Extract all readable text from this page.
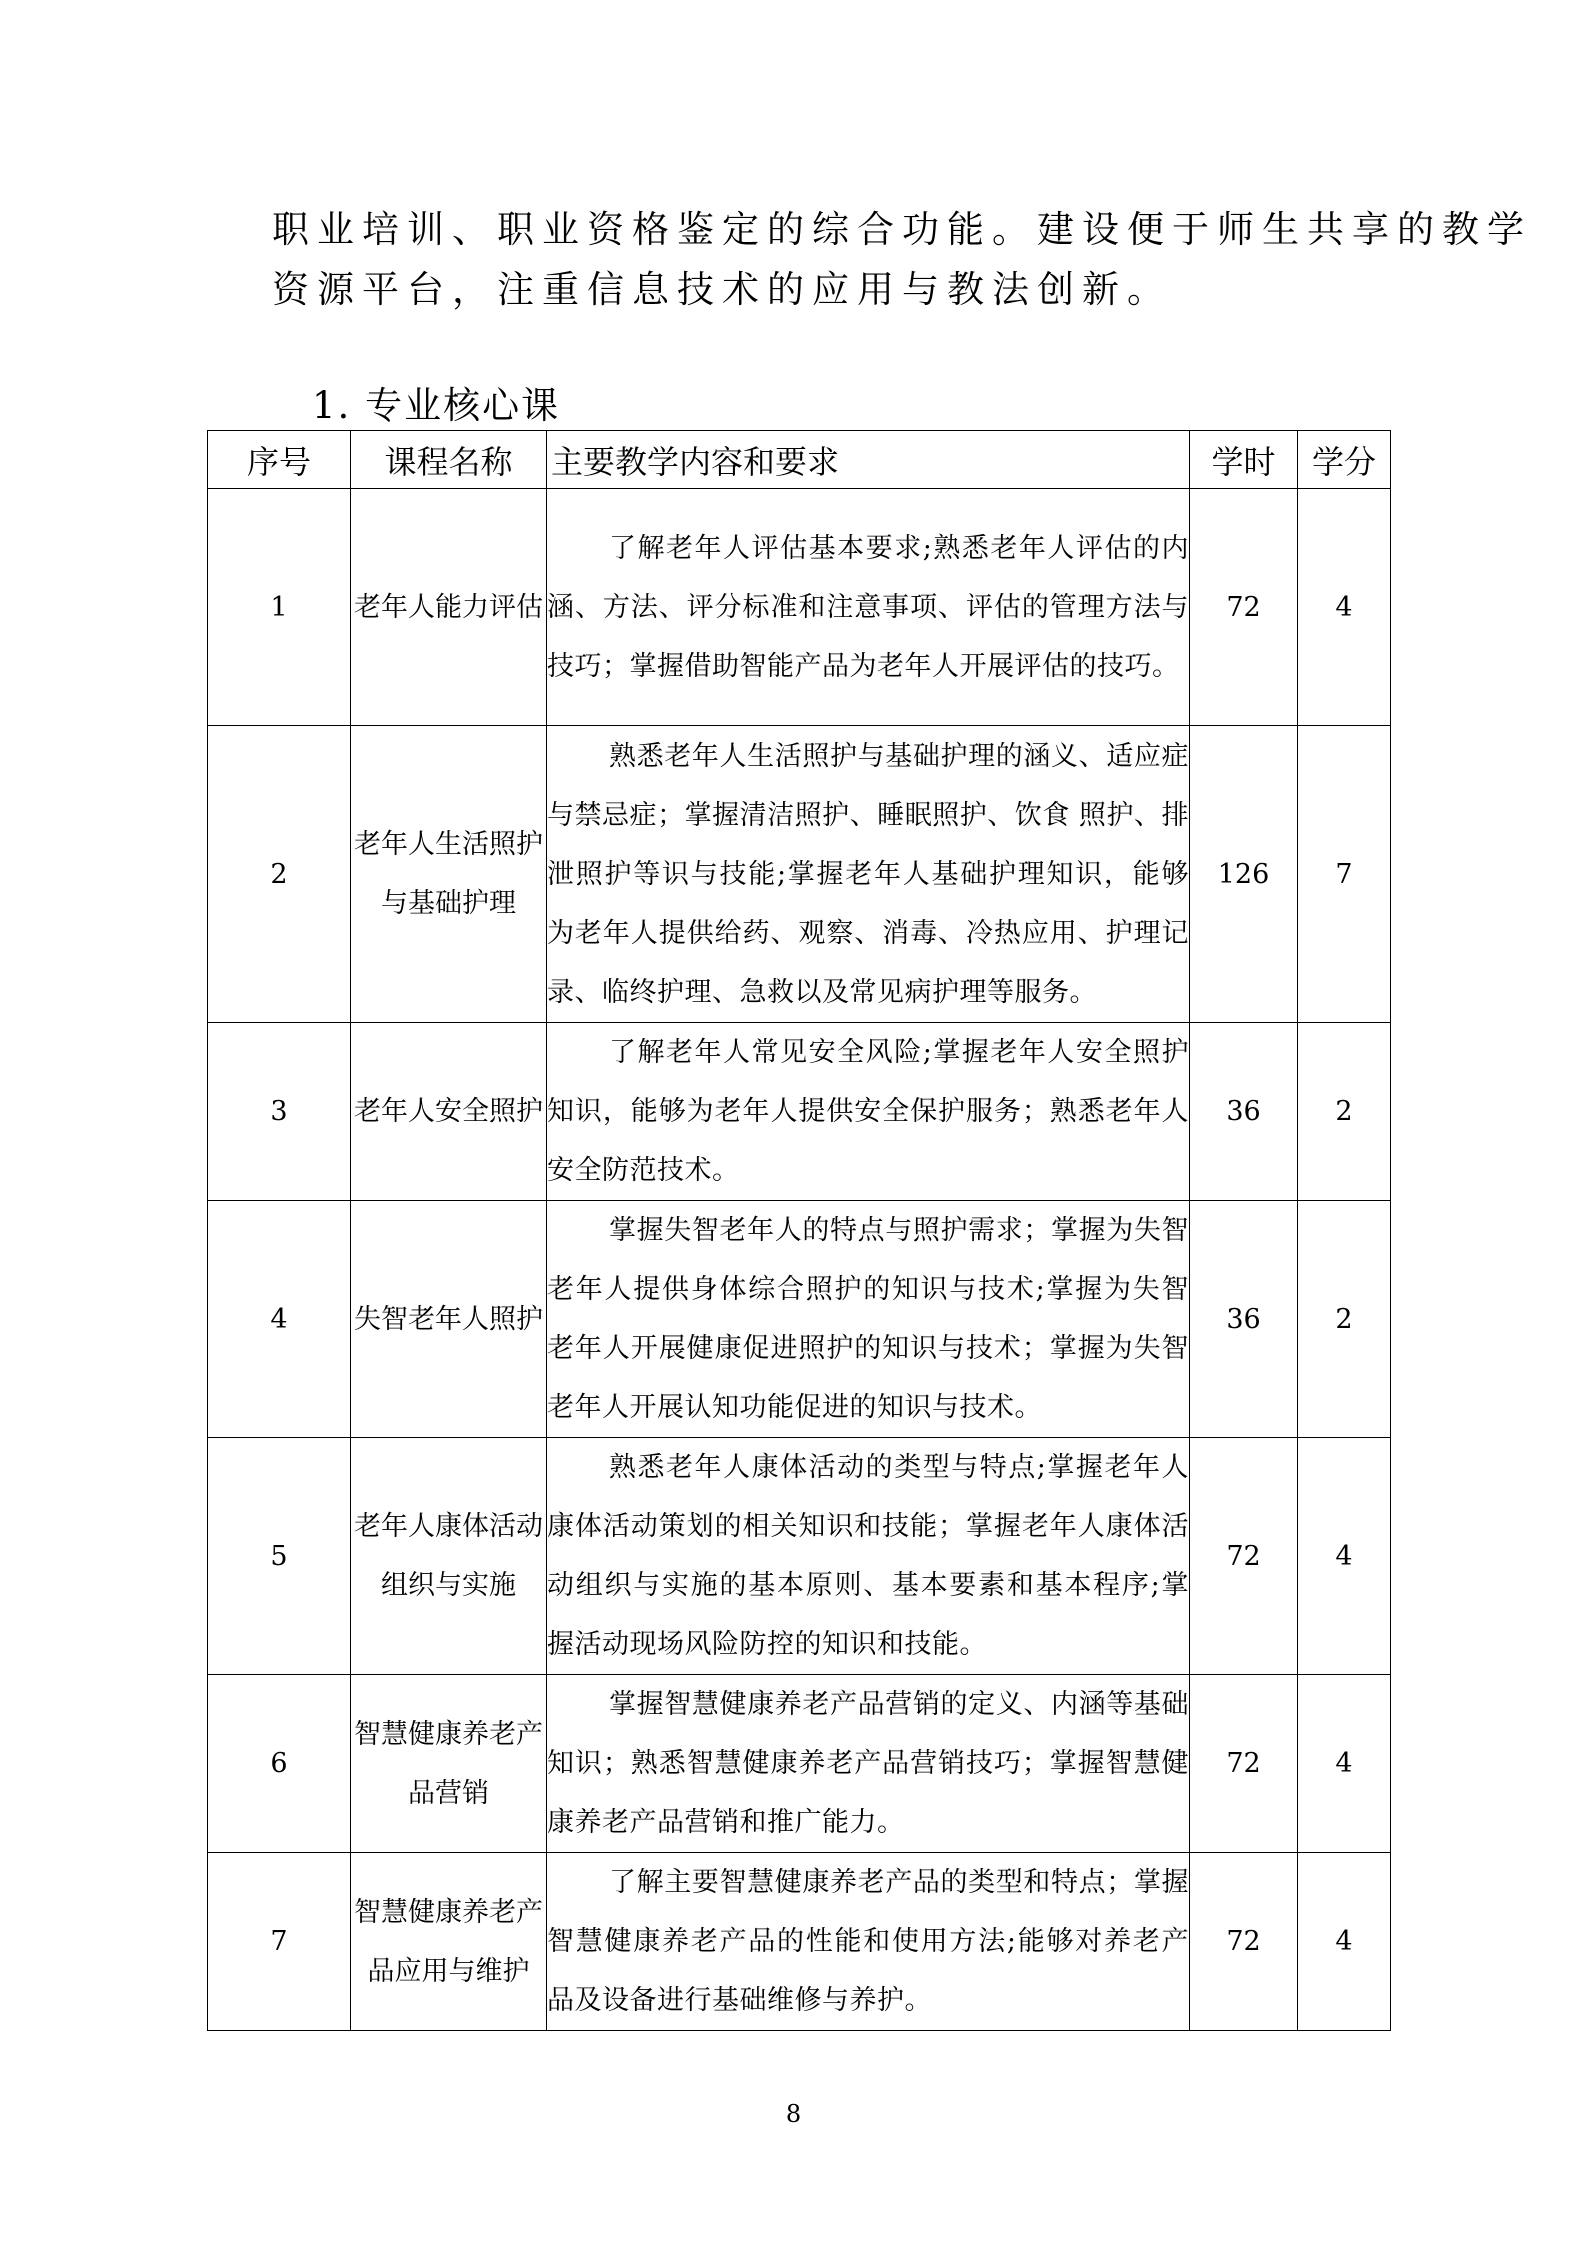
职业培训、职业资格鉴定的综合功能。建设便于师生共享的教学

资源平台，注重信息技术的应用与教法创新。

1. 专业核心课
序号	课程名称	主要教学内容和要求	学时	学分
1	老年人能力评估	了解老年人评估基本要求;熟悉老年人评估的内涵、方法、评分标准和注意事项、评估的管理方法与技巧；掌握借助智能产品为老年人开展评估的技巧。	72	4
2	老年人生活照护与基础护理	熟悉老年人生活照护与基础护理的涵义、适应症与禁忌症；掌握清洁照护、睡眠照护、饮食 照护、排泄照护等识与技能;掌握老年人基础护理知识，能够为老年人提供给药、观察、消毒、冷热应用、护理记录、临终护理、急救以及常见病护理等服务。	126	7
3	老年人安全照护	了解老年人常见安全风险;掌握老年人安全照护知识，能够为老年人提供安全保护服务；熟悉老年人安全防范技术。	36	2
4	失智老年人照护	掌握失智老年人的特点与照护需求；掌握为失智老年人提供身体综合照护的知识与技术;掌握为失智老年人开展健康促进照护的知识与技术；掌握为失智老年人开展认知功能促进的知识与技术。	36	2
5	老年人康体活动组织与实施	熟悉老年人康体活动的类型与特点;掌握老年人康体活动策划的相关知识和技能；掌握老年人康体活动组织与实施的基本原则、基本要素和基本程序;掌握活动现场风险防控的知识和技能。	72	4
6	智慧健康养老产品营销	掌握智慧健康养老产品营销的定义、内涵等基础知识；熟悉智慧健康养老产品营销技巧；掌握智慧健康养老产品营销和推广能力。	72	4
7	智慧健康养老产品应用与维护	了解主要智慧健康养老产品的类型和特点；掌握智慧健康养老产品的性能和使用方法;能够对养老产品及设备进行基础维修与养护。	72	4
8
